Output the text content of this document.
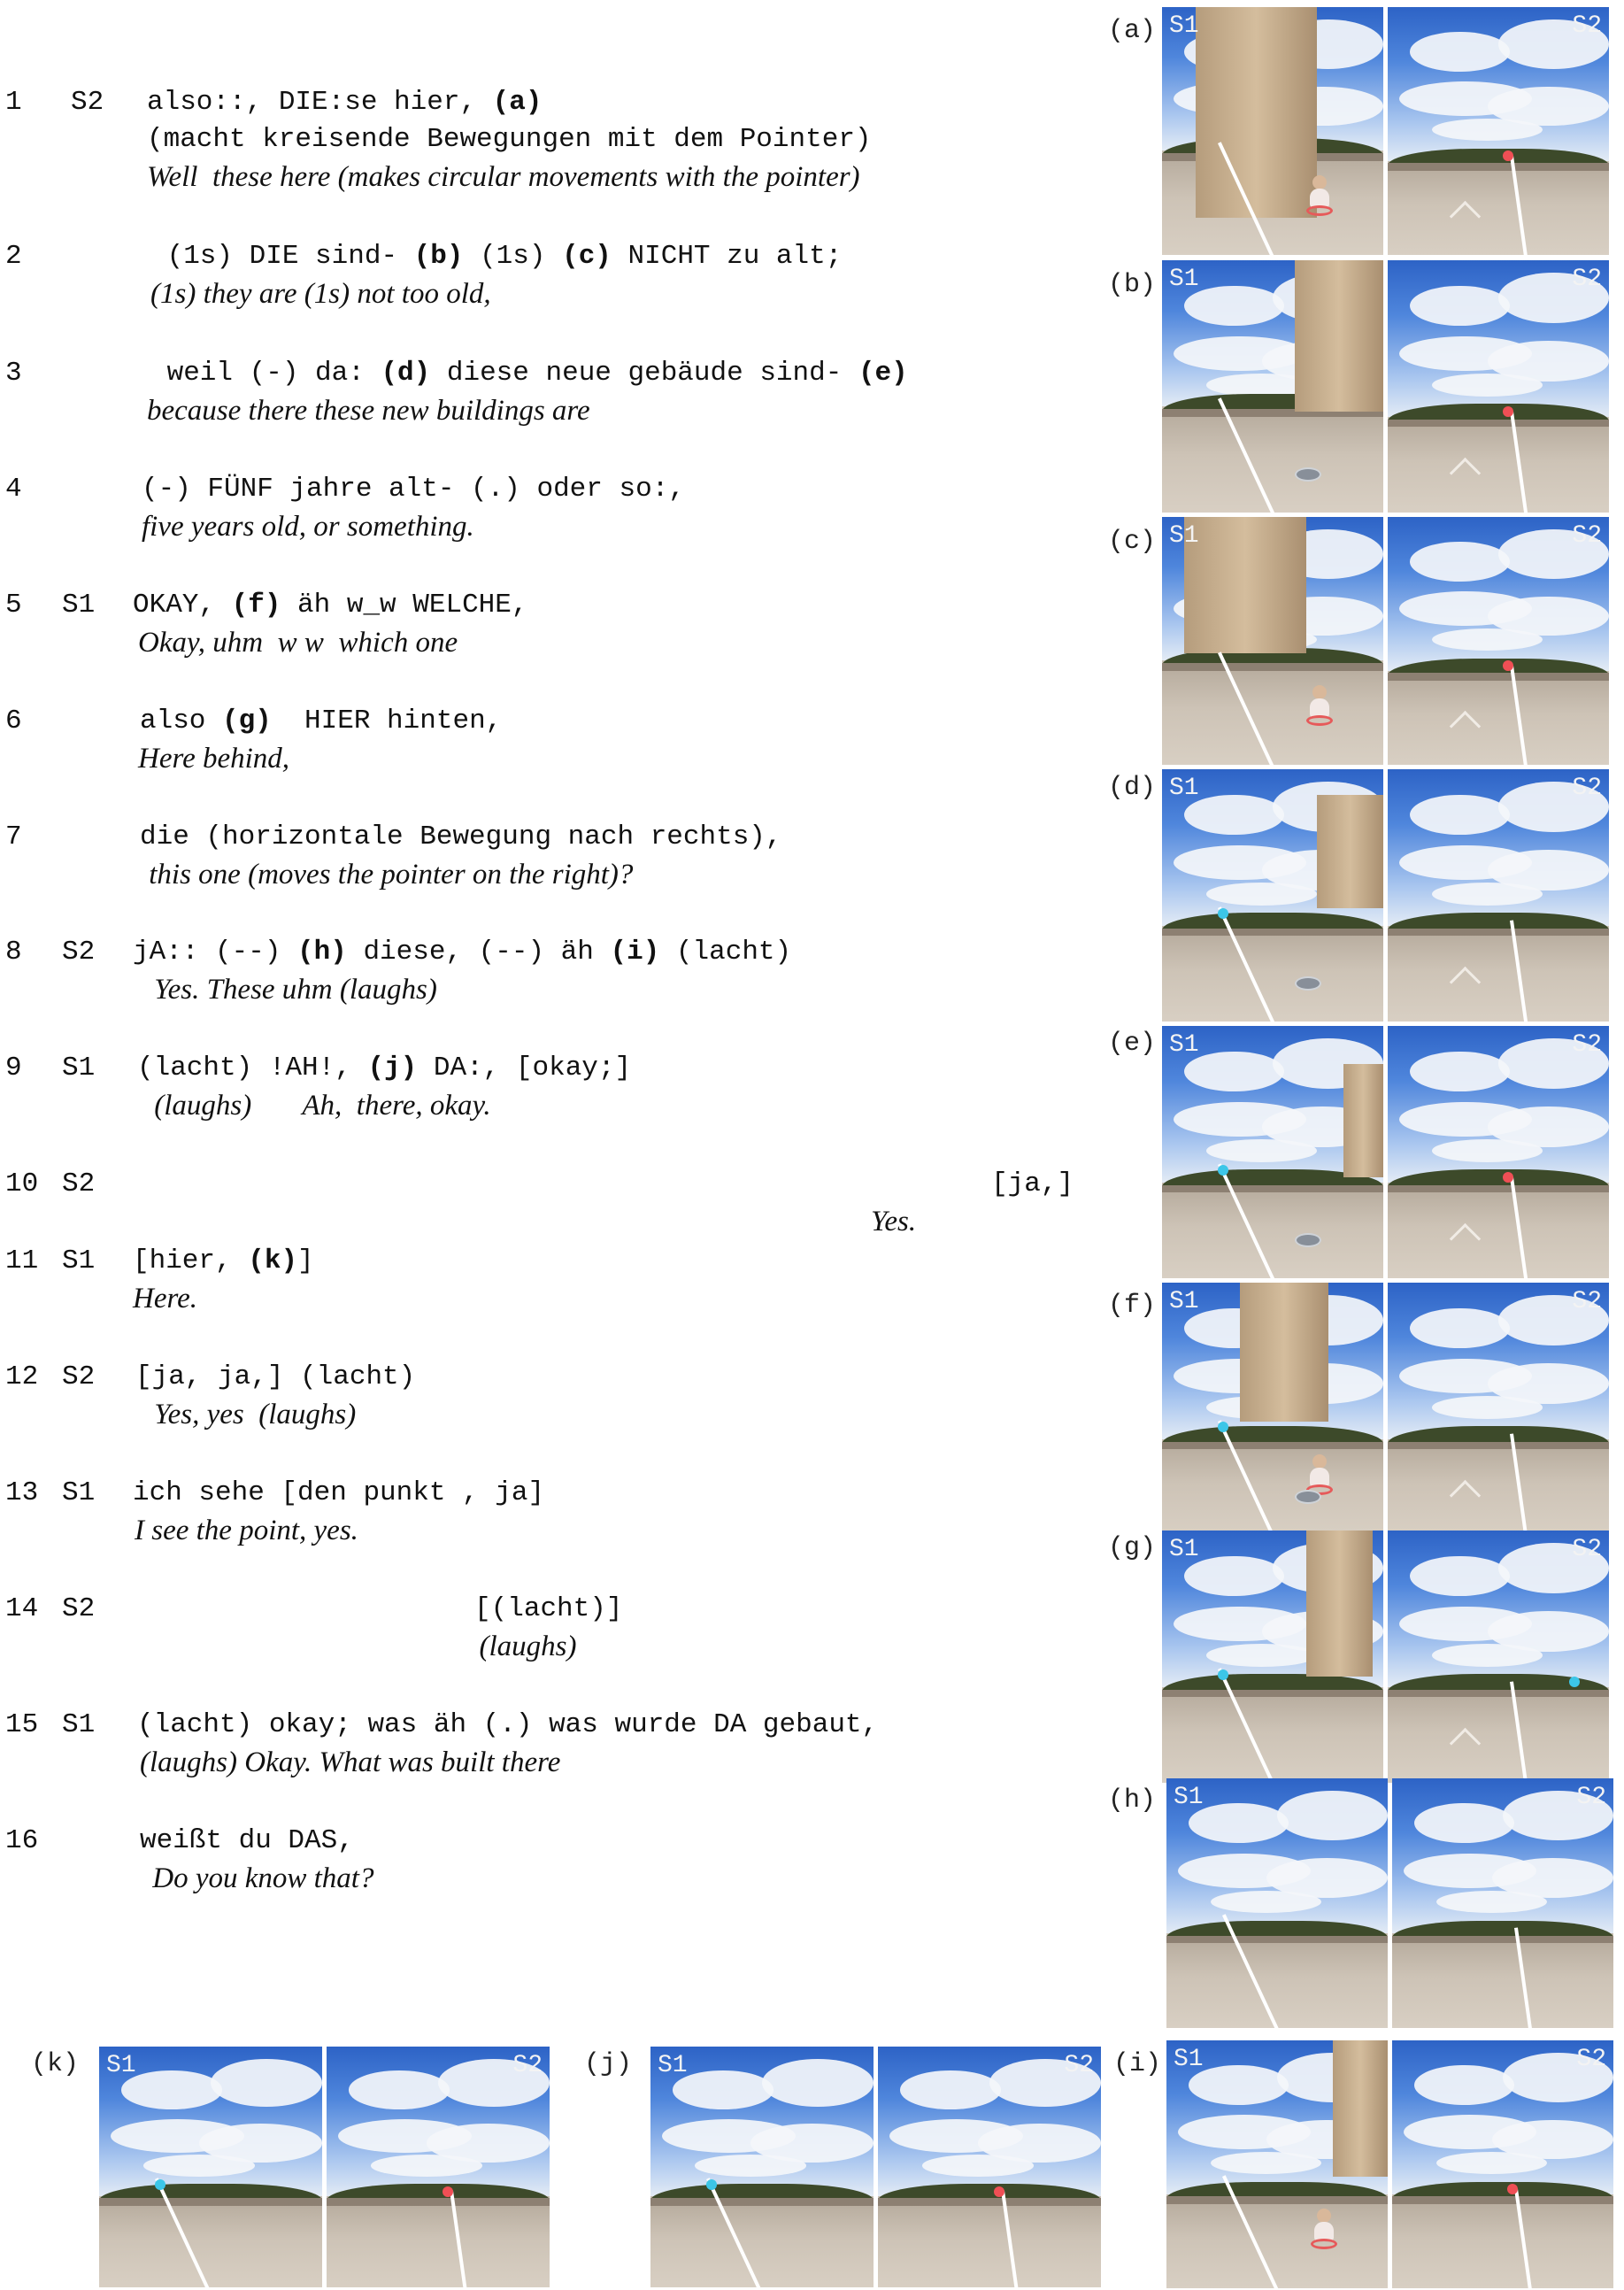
1 S2 also::, DIE:se hier, (a)
(macht kreisende Bewegungen mit dem Pointer)
Well  these here (makes circular movements with the pointer)
2	(1s) DIE sind- (b) (1s) (c) NICHT zu alt;
(1s) they are (1s) not too old,
3	weil (-) da: (d) diese neue gebäude sind- (e)
because there these new buildings are
4	(-) FÜNF jahre alt- (.) oder so:,
five years old, or something.
5 S1 OKAY, (f) äh w_w WELCHE,
Okay, uhm  w w  which one
6	also (g)  HIER hinten,
Here behind,
7	die (horizontale Bewegung nach rechts),
this one (moves the pointer on the right)?
8 S2 jA:: (--) (h) diese, (--) äh (i) (lacht)
Yes. These uhm (laughs)
9 S1 (lacht) !AH!, (j) DA:, [okay;]
(laughs)       Ah,  there, okay.
10 S2	[ja,]
Yes.
11 S1 [hier, (k)]
Here.
12 S2 [ja, ja,] (lacht)
Yes, yes  (laughs)
13 S1 ich sehe [den punkt , ja]
I see the point, yes.
14 S2	[(lacht)]
(laughs)
15 S1 (lacht) okay; was äh (.) was wurde DA gebaut,
(laughs) Okay. What was built there
16	weißt du DAS,
Do you know that?
(a) S1	S2
(b) S1	S2
(c) S1	S2
(d) S1	S2
(e) S1	S2
(f) S1	S2
(g) S1	S2
(h) S1	S2
(k) S1	S2 (j) S1	S2 (i) S1	S2
